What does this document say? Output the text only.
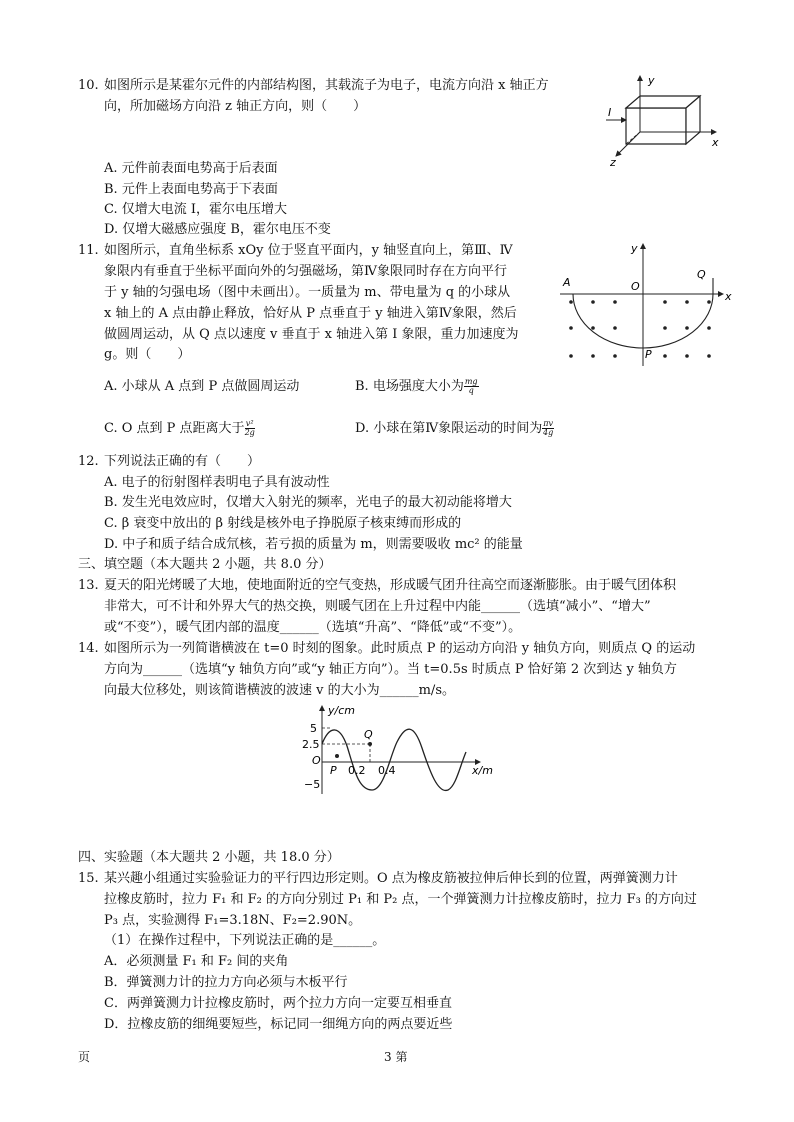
10. 如图所示是某霍尔元件的内部结构图，其载流子为电子，电流方向沿 x 轴正方
向，所加磁场方向沿 z 轴正方向，则（　　）
y
x
z
I
A. 元件前表面电势高于后表面
B. 元件上表面电势高于下表面
C. 仅增大电流 I，霍尔电压增大
D. 仅增大磁感应强度 B，霍尔电压不变
11. 如图所示，直角坐标系 xOy 位于竖直平面内，y 轴竖直向上，第Ⅲ、Ⅳ
象限内有垂直于坐标平面向外的匀强磁场，第Ⅳ象限同时存在方向平行
于 y 轴的匀强电场（图中未画出）。一质量为 m、带电量为 q 的小球从
x 轴上的 A 点由静止释放，恰好从 P 点垂直于 y 轴进入第Ⅳ象限，然后
做圆周运动，从 Q 点以速度 v 垂直于 x 轴进入第 I 象限，重力加速度为
g。则（　　）
y
x
A	O
Q
P
A. 小球从 A 点到 P 点做圆周运动	B. 电场强度大小为 $\frac{mg}{q}$
C. O 点到 P 点距离大于 $\frac{\text{v²}}{2g}$	D. 小球在第Ⅳ象限运动的时间为 $\frac{\pi v}{4g}$
12. 下列说法正确的有（　　）
A. 电子的衍射图样表明电子具有波动性
B. 发生光电效应时，仅增大入射光的频率，光电子的最大初动能将增大
C. β 衰变中放出的 β 射线是核外电子挣脱原子核束缚而形成的
D. 中子和质子结合成氘核，若亏损的质量为 m，则需要吸收 mc² 的能量
三、填空题（本大题共 2 小题，共 8.0 分）
13. 夏天的阳光烤暖了大地，使地面附近的空气变热，形成暖气团升往高空而逐渐膨胀。由于暖气团体积
非常大，可不计和外界大气的热交换，则暖气团在上升过程中内能______（选填“减小”、“增大”
或“不变”），暖气团内部的温度______（选填“升高”、“降低”或“不变”）。
14. 如图所示为一列简谐横波在 t=0 时刻的图象。此时质点 P 的运动方向沿 y 轴负方向，则质点 Q 的运动
方向为______（选填“y 轴负方向”或“y 轴正方向”）。当 t=0.5s 时质点 P 恰好第 2 次到达 y 轴负方
向最大位移处，则该简谐横波的波速 v 的大小为______m/s。
y/cm
x/m
5
2.5
−5
O
P
Q
0.2 0.4
四、实验题（本大题共 2 小题，共 18.0 分）
15. 某兴趣小组通过实验验证力的平行四边形定则。O 点为橡皮筋被拉伸后伸长到的位置，两弹簧测力计
拉橡皮筋时，拉力 F₁ 和 F₂ 的方向分别过 P₁ 和 P₂ 点，一个弹簧测力计拉橡皮筋时，拉力 F₃ 的方向过
P₃ 点，实验测得 F₁=3.18N、F₂=2.90N。
（1）在操作过程中，下列说法正确的是______。
A．必须测量 F₁ 和 F₂ 间的夹角
B．弹簧测力计的拉力方向必须与木板平行
C．两弹簧测力计拉橡皮筋时，两个拉力方向一定要互相垂直
D．拉橡皮筋的细绳要短些，标记同一细绳方向的两点要近些
页	3 第
